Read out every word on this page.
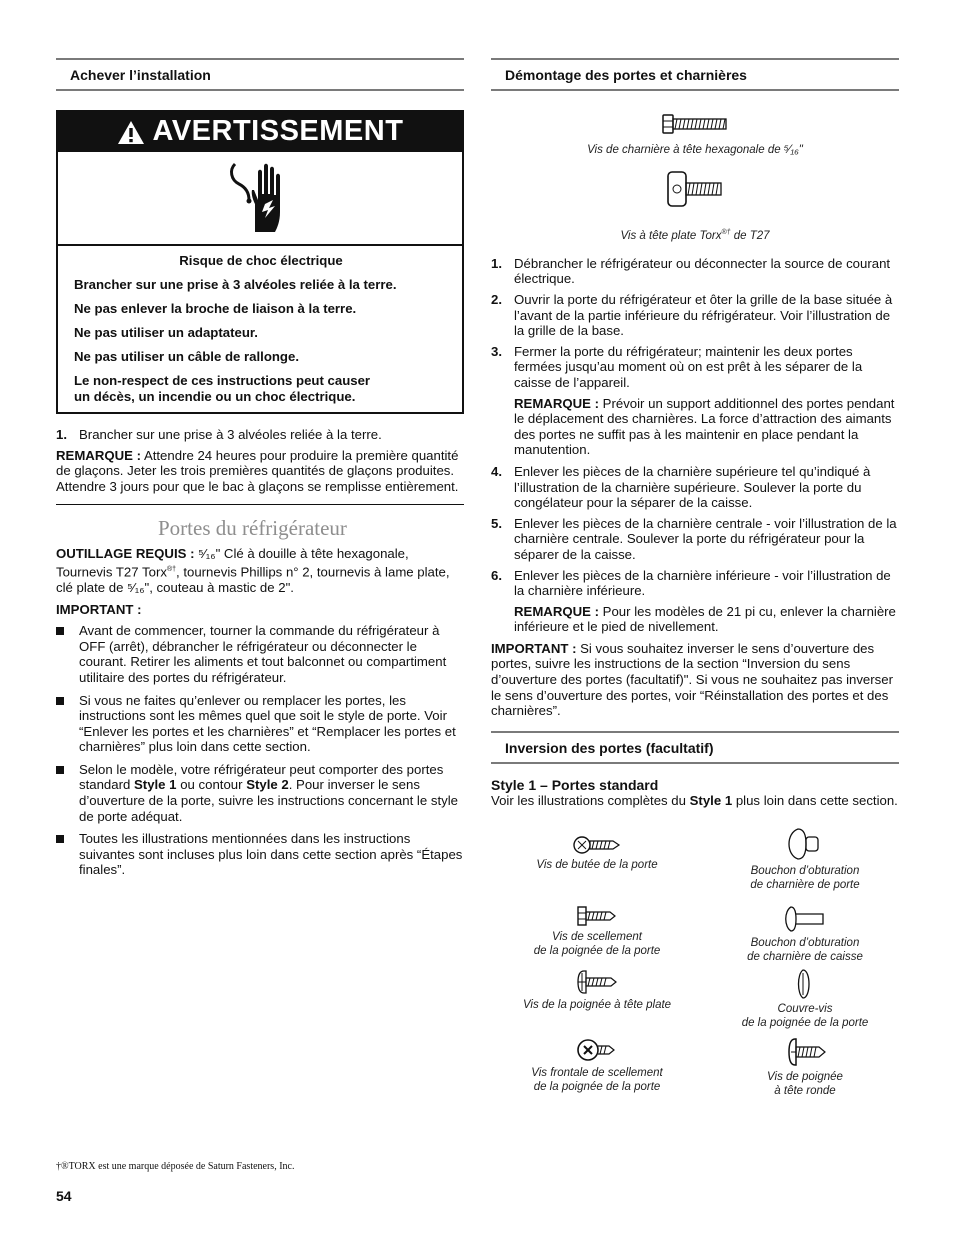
Achever l’installation
AVERTISSEMENT
Risque de choc électrique

Brancher sur une prise à 3 alvéoles reliée à la terre.

Ne pas enlever la broche de liaison à la terre.

Ne pas utiliser un adaptateur.

Ne pas utiliser un câble de rallonge.

Le non-respect de ces instructions peut causer
un décès, un incendie ou un choc électrique.

1. Brancher sur une prise à 3 alvéoles reliée à la terre.

REMARQUE : Attendre 24 heures pour produire la première quantité de glaçons. Jeter les trois premières quantités de glaçons produites. Attendre 3 jours pour que le bac à glaçons se remplisse entièrement.

Portes du réfrigérateur

OUTILLAGE REQUIS : ⁵⁄₁₆" Clé à douille à tête hexagonale, Tournevis T27 Torx®†, tournevis Phillips n° 2, tournevis à lame plate, clé plate de ⁵⁄₁₆", couteau à mastic de 2".

IMPORTANT :

Avant de commencer, tourner la commande du réfrigérateur à OFF (arrêt), débrancher le réfrigérateur ou déconnecter le courant. Retirer les aliments et tout balconnet ou compartiment utilitaire des portes du réfrigérateur.
Si vous ne faites qu’enlever ou remplacer les portes, les instructions sont les mêmes quel que soit le style de porte. Voir “Enlever les portes et les charnières” et “Remplacer les portes et charnières” plus loin dans cette section.
Selon le modèle, votre réfrigérateur peut comporter des portes standard Style 1 ou contour Style 2. Pour inverser le sens d’ouverture de la porte, suivre les instructions concernant le style de porte adéquat.
Toutes les illustrations mentionnées dans les instructions suivantes sont incluses plus loin dans cette section après “Étapes finales”.
Démontage des portes et charnières
Vis de charnière à tête hexagonale de ⁵⁄₁₆"
Vis à tête plate Torx®† de T27
1. Débrancher le réfrigérateur ou déconnecter la source de courant électrique.
2. Ouvrir la porte du réfrigérateur et ôter la grille de la base située à l’avant de la partie inférieure du réfrigérateur. Voir l’illustration de la grille de la base.
3. Fermer la porte du réfrigérateur; maintenir les deux portes fermées jusqu’au moment où on est prêt à les séparer de la caisse de l’appareil.

REMARQUE : Prévoir un support additionnel des portes pendant le déplacement des charnières. La force d’attraction des aimants des portes ne suffit pas à les maintenir en place pendant la manutention.

4. Enlever les pièces de la charnière supérieure tel qu’indiqué à l’illustration de la charnière supérieure. Soulever la porte du congélateur pour la séparer de la caisse.
5. Enlever les pièces de la charnière centrale - voir l’illustration de la charnière centrale. Soulever la porte du réfrigérateur pour la séparer de la caisse.
6. Enlever les pièces de la charnière inférieure - voir l’illustration de la charnière inférieure.

REMARQUE : Pour les modèles de 21 pi cu, enlever la charnière inférieure et le pied de nivellement.

IMPORTANT : Si vous souhaitez inverser le sens d’ouverture des portes, suivre les instructions de la section “Inversion du sens d’ouverture des portes (facultatif)". Si vous ne souhaitez pas inverser le sens d’ouverture des portes, voir “Réinstallation des portes et des charnières”.

Inversion des portes (facultatif)

Style 1 – Portes standard

Voir les illustrations complètes du Style 1 plus loin dans cette section.

Vis de butée de la porte	Bouchon d’obturation
de charnière de porte
Vis de scellement
de la poignée de la porte
Bouchon d’obturation
de charnière de caisse
Vis de la poignée à tête plate	Couvre-vis
de la poignée de la porte
Vis frontale de scellement
de la poignée de la porte
Vis de poignée
à tête ronde
†®TORX est une marque déposée de Saturn Fasteners, Inc.
54
